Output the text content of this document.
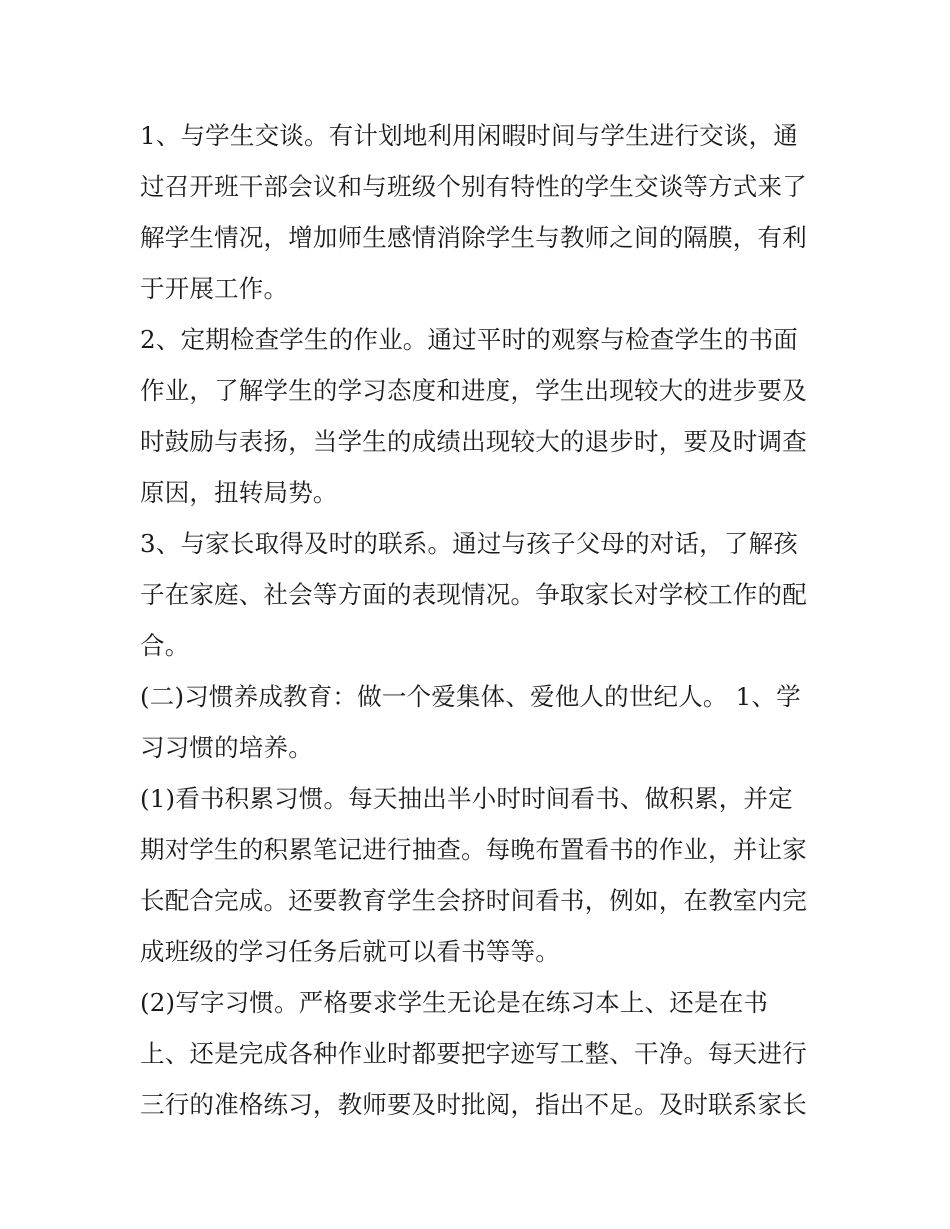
1、与学生交谈。有计划地利用闲暇时间与学生进行交谈，通
过召开班干部会议和与班级个别有特性的学生交谈等方式来了
解学生情况，增加师生感情消除学生与教师之间的隔膜，有利
于开展工作。
2、定期检查学生的作业。通过平时的观察与检查学生的书面
作业，了解学生的学习态度和进度，学生出现较大的进步要及
时鼓励与表扬，当学生的成绩出现较大的退步时，要及时调查
原因，扭转局势。
3、与家长取得及时的联系。通过与孩子父母的对话，了解孩
子在家庭、社会等方面的表现情况。争取家长对学校工作的配
合。
(二)习惯养成教育：做一个爱集体、爱他人的世纪人。 1、学
习习惯的培养。
(1)看书积累习惯。每天抽出半小时时间看书、做积累，并定
期对学生的积累笔记进行抽查。每晚布置看书的作业，并让家
长配合完成。还要教育学生会挤时间看书，例如，在教室内完
成班级的学习任务后就可以看书等等。
(2)写字习惯。严格要求学生无论是在练习本上、还是在书
上、还是完成各种作业时都要把字迹写工整、干净。每天进行
三行的准格练习，教师要及时批阅，指出不足。及时联系家长
